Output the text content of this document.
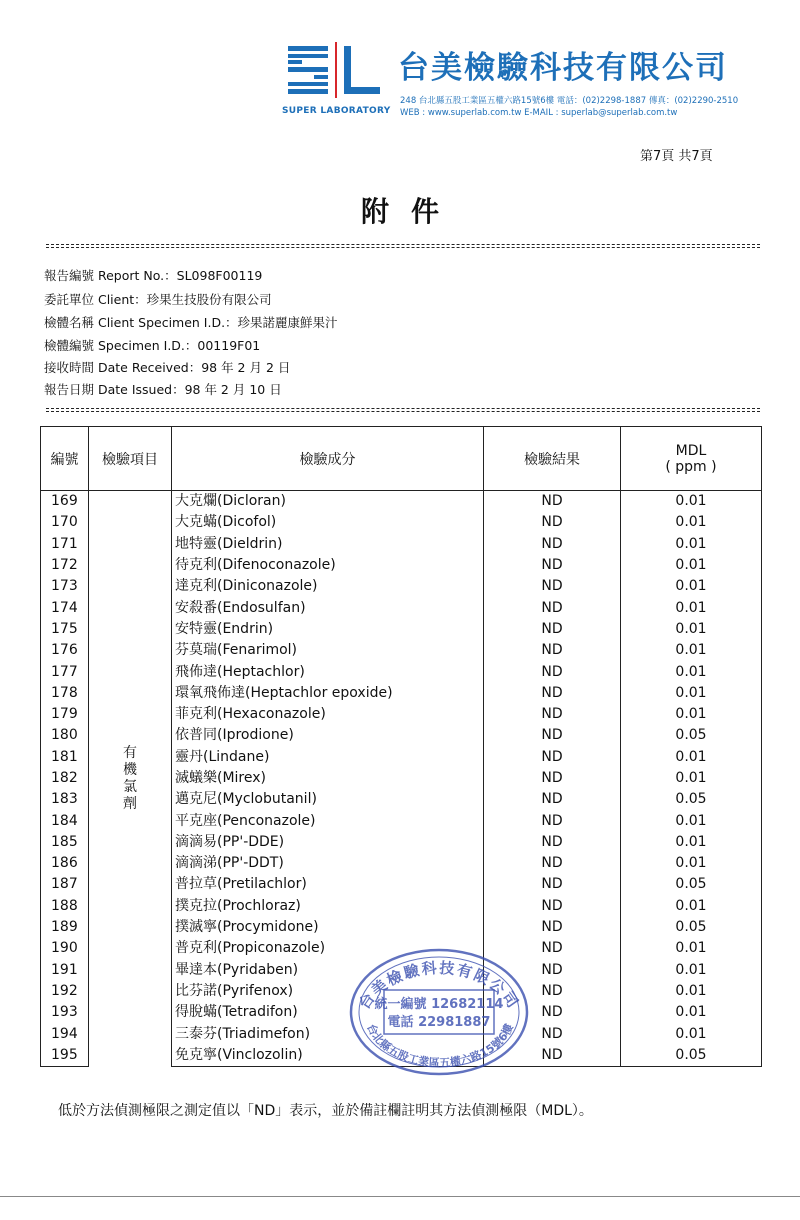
SUPER LABORATORY
台美檢驗科技有限公司
248 台北縣五股工業區五權六路15號6樓 電話：(02)2298-1887 傳真：(02)2290-2510
WEB : www.superlab.com.tw E-MAIL : superlab@superlab.com.tw
第7頁 共7頁
附件
報告編號 Report No.：SL098F00119
委託單位 Client：珍果生技股份有限公司
檢體名稱 Client Specimen I.D.：珍果諾麗康鮮果汁
檢體編號 Specimen I.D.：00119F01
接收時間 Date Received：98 年 2 月 2 日
報告日期 Date Issued：98 年 2 月 10 日
編號	檢驗項目	檢驗成分	檢驗結果	MDL
( ppm )

169	有
機
氯
劑	大克爛(Dicloran)	ND	0.01
170		大克蟎(Dicofol)	ND	0.01
171		地特靈(Dieldrin)	ND	0.01
172		待克利(Difenoconazole)	ND	0.01
173		達克利(Diniconazole)	ND	0.01
174		安殺番(Endosulfan)	ND	0.01
175		安特靈(Endrin)	ND	0.01
176		芬莫瑞(Fenarimol)	ND	0.01
177		飛佈達(Heptachlor)	ND	0.01
178		環氧飛佈達(Heptachlor epoxide)	ND	0.01
179		菲克利(Hexaconazole)	ND	0.01
180		依普同(Iprodione)	ND	0.05
181		靈丹(Lindane)	ND	0.01
182		滅蟻樂(Mirex)	ND	0.01
183		邁克尼(Myclobutanil)	ND	0.05
184		平克座(Penconazole)	ND	0.01
185		滴滴易(PP'-DDE)	ND	0.01
186		滴滴涕(PP'-DDT)	ND	0.01
187		普拉草(Pretilachlor)	ND	0.05
188		撲克拉(Prochloraz)	ND	0.01
189		撲滅寧(Procymidone)	ND	0.05
190		普克利(Propiconazole)	ND	0.01
191		畢達本(Pyridaben)	ND	0.01
192		比芬諾(Pyrifenox)	ND	0.01
193		得脫蟎(Tetradifon)	ND	0.01
194		三泰芬(Triadimefon)	ND	0.01
195		免克寧(Vinclozolin)	ND	0.05
台美檢驗科技有限公司
統一編號 12682114
電話 22981887
台北縣五股工業區五權六路15號6樓
低於方法偵測極限之測定值以「ND」表示，並於備註欄註明其方法偵測極限（MDL）。
